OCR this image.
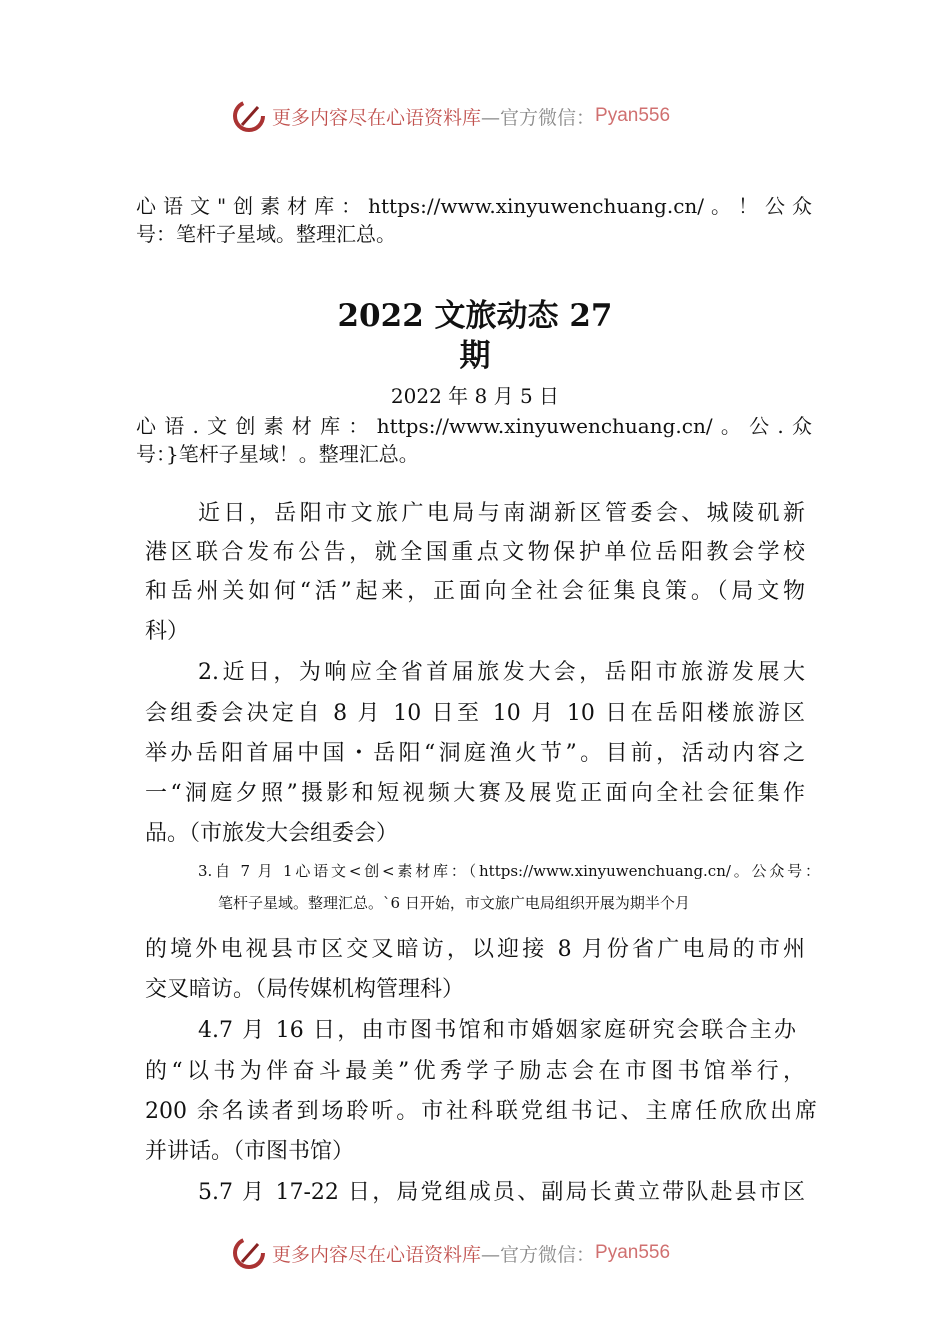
更多内容尽在心语资料库 —官方微信： Pyan556
心语文"创素材库：https://www.xinyuwenchuang.cn/。！公众
号：笔杆子星域。整理汇总。
2022 文旅动态 27
期
2022 年 8 月 5 日
心语.文创素材库：https://www.xinyuwenchuang.cn/。公.众
号：}笔杆子星域！。整理汇总。
近日，岳阳市文旅广电局与南湖新区管委会、城陵矶新
港区联合发布公告，就全国重点文物保护单位岳阳教会学校
和岳州关如何“活”起来，正面向全社会征集良策。（局文物
科）
2.近日，为响应全省首届旅发大会，岳阳市旅游发展大
会组委会决定自 8 月 10 日至 10 月 10 日在岳阳楼旅游区
举办岳阳首届中国・岳阳“洞庭渔火节”。目前，活动内容之
一“洞庭夕照”摄影和短视频大赛及展览正面向全社会征集作
品。（市旅发大会组委会）
3.自 7 月 1心语文<创<素材库：（https://www.xinyuwenchuang.cn/。公众号：
笔杆子星域。整理汇总。`6 日开始，市文旅广电局组织开展为期半个月
的境外电视县市区交叉暗访，以迎接 8 月份省广电局的市州
交叉暗访。（局传媒机构管理科）
4.7 月 16 日，由市图书馆和市婚姻家庭研究会联合主办
的“以书为伴奋斗最美”优秀学子励志会在市图书馆举行，
200 余名读者到场聆听。市社科联党组书记、主席任欣欣出席
并讲话。（市图书馆）
5.7 月 17-22 日，局党组成员、副局长黄立带队赴县市区
更多内容尽在心语资料库 —官方微信： Pyan556
